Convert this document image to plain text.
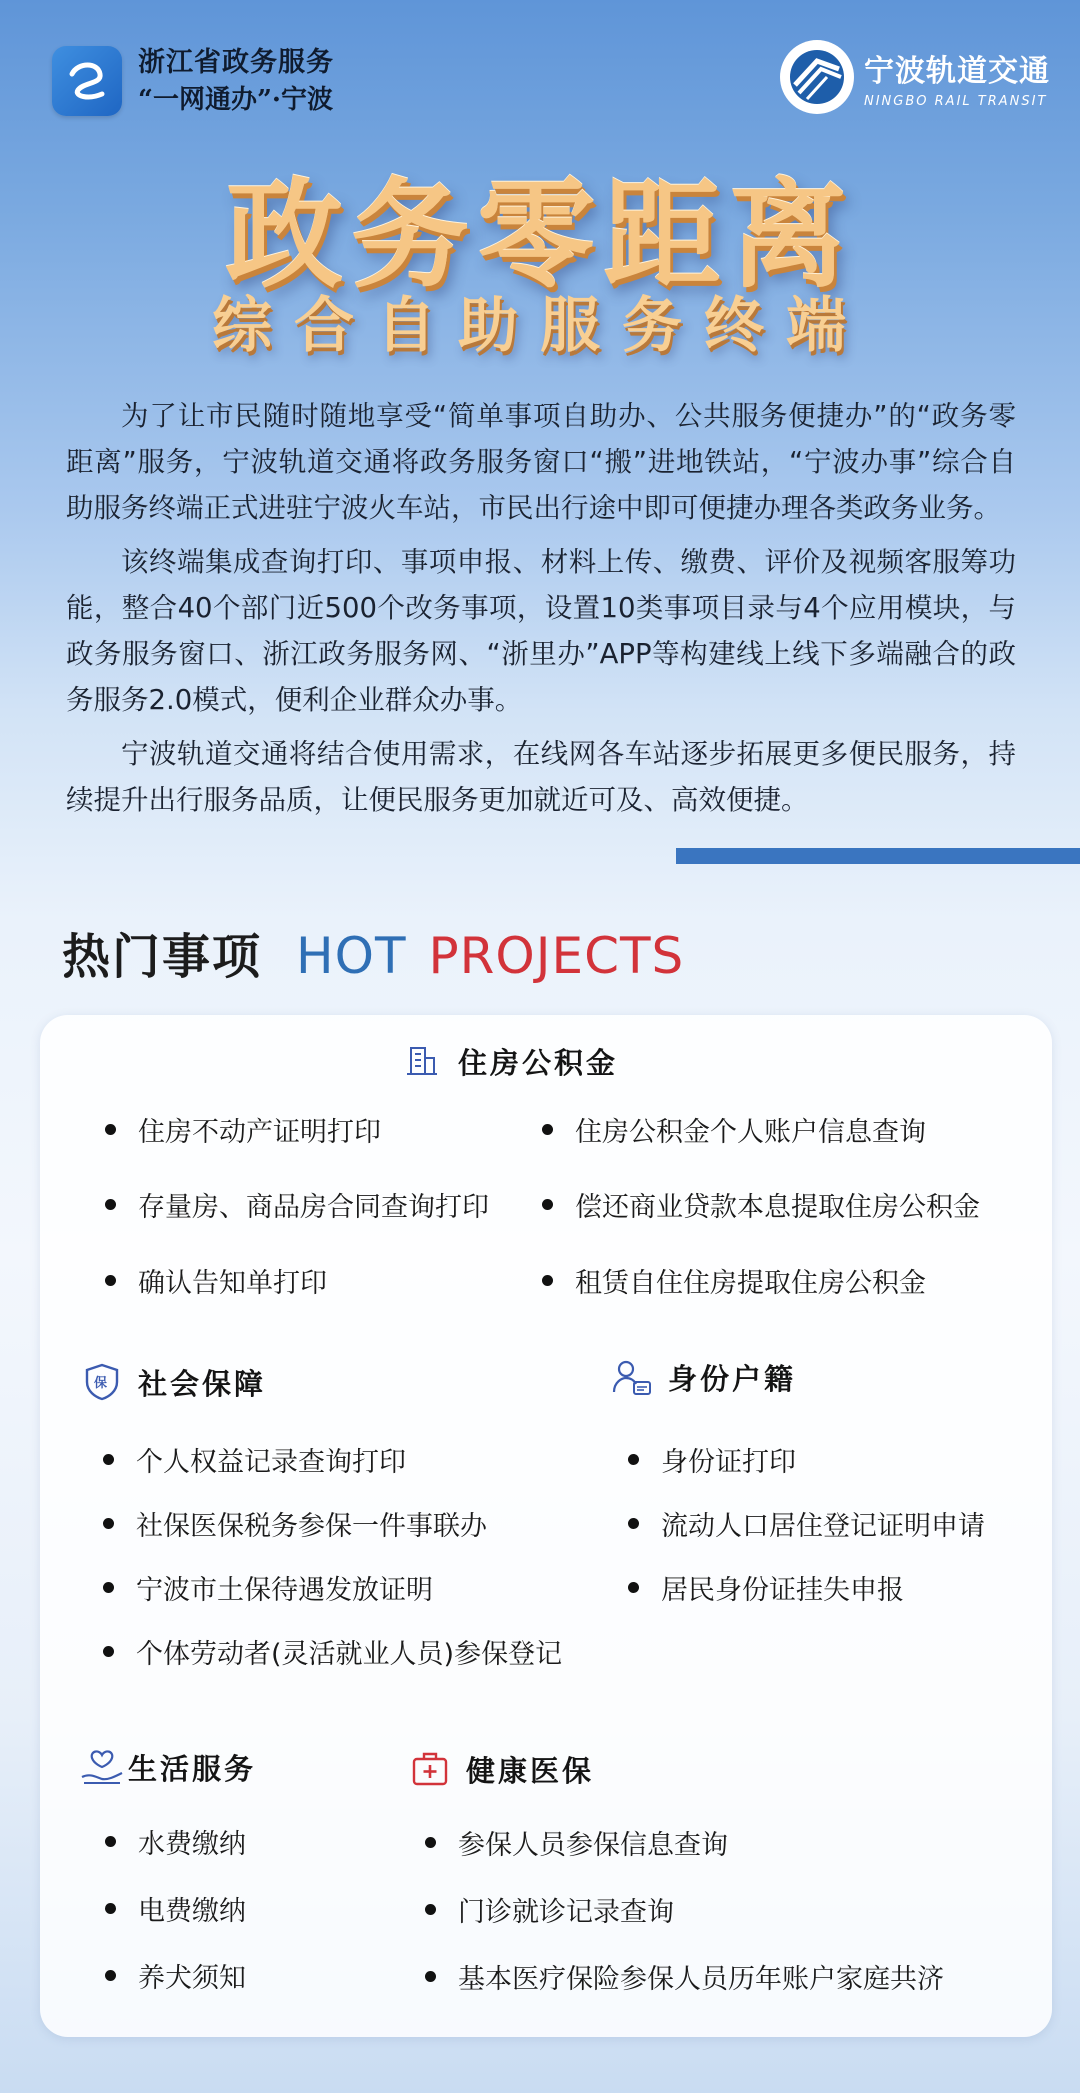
浙江省政务服务
“一网通办”·宁波
宁波轨道交通
NINGBO RAIL TRANSIT
政务零距离
综合自助服务终端

为了让市民随时随地享受“简单事项自助办、公共服务便捷办”的“政务零距离”服务，宁波轨道交通将政务服务窗口“搬”进地铁站，“宁波办事”综合自助服务终端正式进驻宁波火车站，市民出行途中即可便捷办理各类政务业务。

该终端集成查询打印、事项申报、材料上传、缴费、评价及视频客服筹功能，整合40个部门近500个改务事项，设置10类事项目录与4个应用模块，与政务服务窗口、浙江政务服务网、“浙里办”APP等构建线上线下多端融合的政务服务2.0模式，便利企业群众办事。

宁波轨道交通将结合使用需求，在线网各车站逐步拓展更多便民服务，持续提升出行服务品质，让便民服务更加就近可及、高效便捷。

热门事项 HOT PROJECTS
住房公积金
住房不动产证明打印	住房公积金个人账户信息查询
存量房、商品房合同查询打印	偿还商业贷款本息提取住房公积金
确认告知单打印	租赁自住住房提取住房公积金
保 社会保障
个人权益记录查询打印
社保医保税务参保一件事联办
宁波市土保待遇发放证明
个体劳动者(灵活就业人员)参保登记
身份户籍
身份证打印
流动人口居住登记证明申请
居民身份证挂失申报
生活服务
水费缴纳
电费缴纳
养犬须知
健康医保
参保人员参保信息查询
门诊就诊记录查询
基本医疗保险参保人员历年账户家庭共济
